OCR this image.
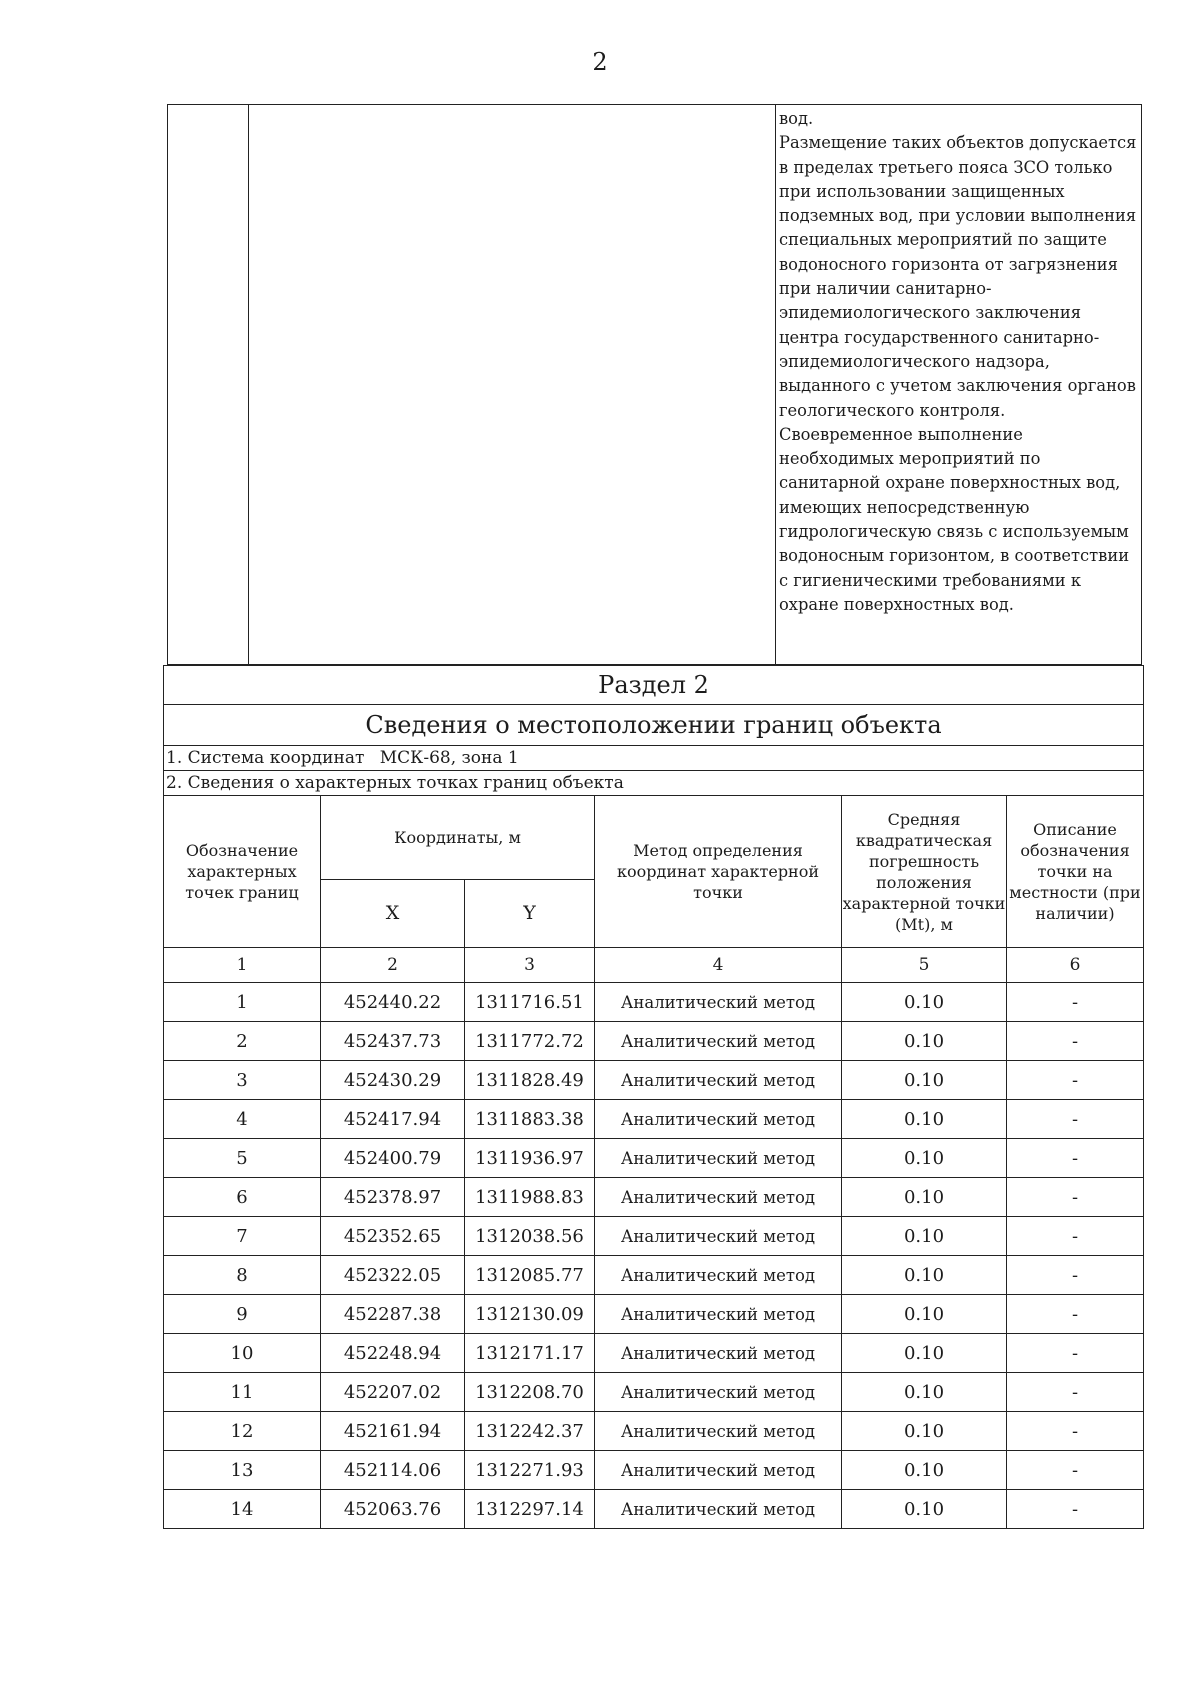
2

вод.

Размещение таких объектов допускается в пределах третьего пояса ЗСО только при использовании защищенных подземных вод, при условии выполнения специальных мероприятий по защите водоносного горизонта от загрязнения при наличии санитарно-эпидемиологического заключения центра государственного санитарно-эпидемиологического надзора, выданного с учетом заключения органов геологического контроля.

Своевременное выполнение необходимых мероприятий по санитарной охране поверхностных вод, имеющих непосредственную гидрологическую связь с используемым водоносным горизонтом, в соответствии с гигиеническими требованиями к охране поверхностных вод.

Раздел 2					
Сведения о местоположении границ объекта					
1. Система координат МСК-68, зона 1					
2. Сведения о характерных точках границ объекта					
Обозначение характерных точек границ	Координаты, м		Метод определения координат характерной точки	Средняя квадратическая погрешность положения характерной точки (Mt), м	Описание обозначения точки на местности (при наличии)
	X	Y			
1	2	3	4	5	6
1	452440.22	1311716.51	Аналитический метод	0.10	-
2	452437.73	1311772.72	Аналитический метод	0.10	-
3	452430.29	1311828.49	Аналитический метод	0.10	-
4	452417.94	1311883.38	Аналитический метод	0.10	-
5	452400.79	1311936.97	Аналитический метод	0.10	-
6	452378.97	1311988.83	Аналитический метод	0.10	-
7	452352.65	1312038.56	Аналитический метод	0.10	-
8	452322.05	1312085.77	Аналитический метод	0.10	-
9	452287.38	1312130.09	Аналитический метод	0.10	-
10	452248.94	1312171.17	Аналитический метод	0.10	-
11	452207.02	1312208.70	Аналитический метод	0.10	-
12	452161.94	1312242.37	Аналитический метод	0.10	-
13	452114.06	1312271.93	Аналитический метод	0.10	-
14	452063.76	1312297.14	Аналитический метод	0.10	-
